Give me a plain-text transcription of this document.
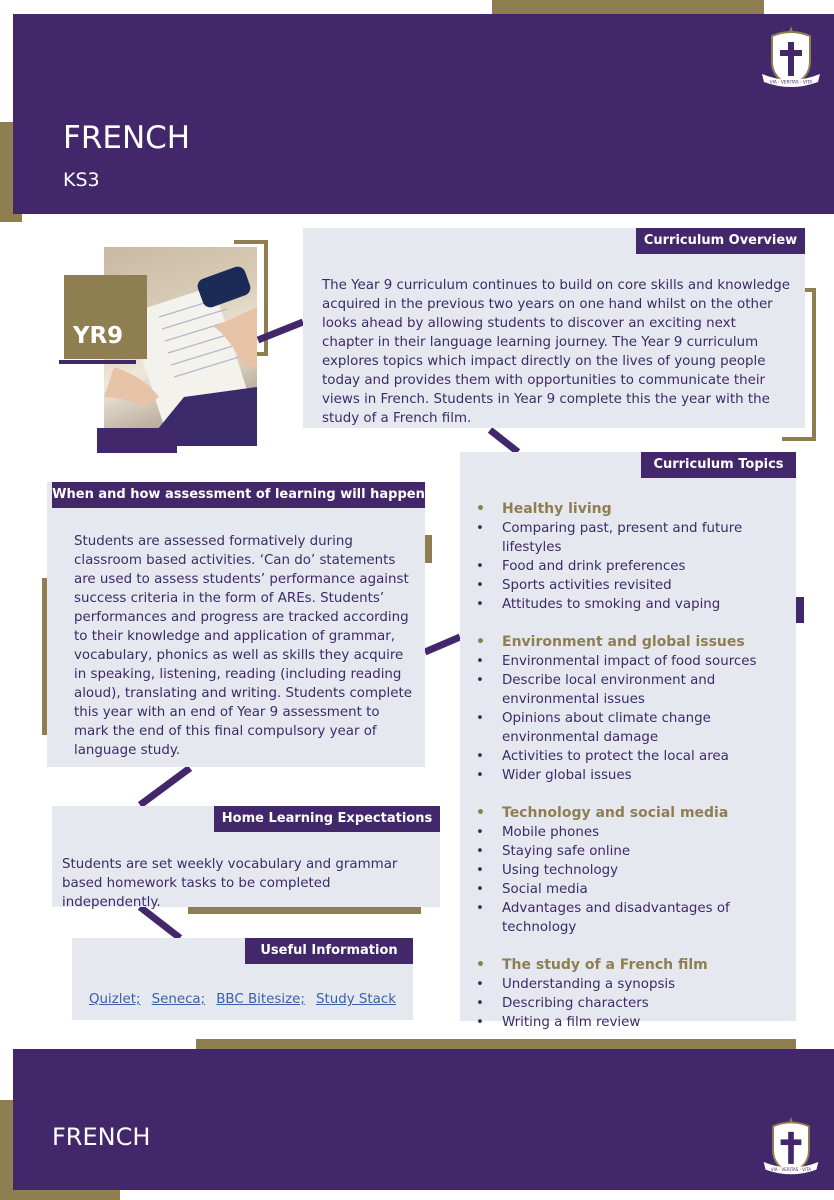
FRENCH
KS3
VIA · VERITAS · VITA
YR9
Curriculum Overview
The Year 9 curriculum continues to build on core skills and knowledge acquired in the previous two years on one hand whilst on the other looks ahead by allowing students to discover an exciting next chapter in their language learning journey. The Year 9 curriculum explores topics which impact directly on the lives of young people today and provides them with opportunities to communicate their views in French. Students in Year 9 complete this the year with the study of a French film.
When and how assessment of learning will happen
Students are assessed formatively during classroom based activities. ‘Can do’ statements are used to assess students’ performance against success criteria in the form of AREs. Students’ performances and progress are tracked according to their knowledge and application of grammar, vocabulary, phonics as well as skills they acquire in speaking, listening, reading (including reading aloud), translating and writing. Students complete this year with an end of Year 9 assessment to mark the end of this final compulsory year of language study.
Home Learning Expectations
Students are set weekly vocabulary and grammar based homework tasks to be completed independently.
Useful Information
Quizlet; Seneca; BBC Bitesize; Study Stack
Curriculum Topics
• Healthy living
• Comparing past, present and future lifestyles
• Food and drink preferences
• Sports activities revisited
• Attitudes to smoking and vaping
• Environment and global issues
• Environmental impact of food sources
• Describe local environment and environmental issues
• Opinions about climate change environmental damage
• Activities to protect the local area
• Wider global issues
• Technology and social media
• Mobile phones
• Staying safe online
• Using technology
• Social media
• Advantages and disadvantages of technology
• The study of a French film
• Understanding a synopsis
• Describing characters
• Writing a film review
FRENCH
VIA · VERITAS · VITA
